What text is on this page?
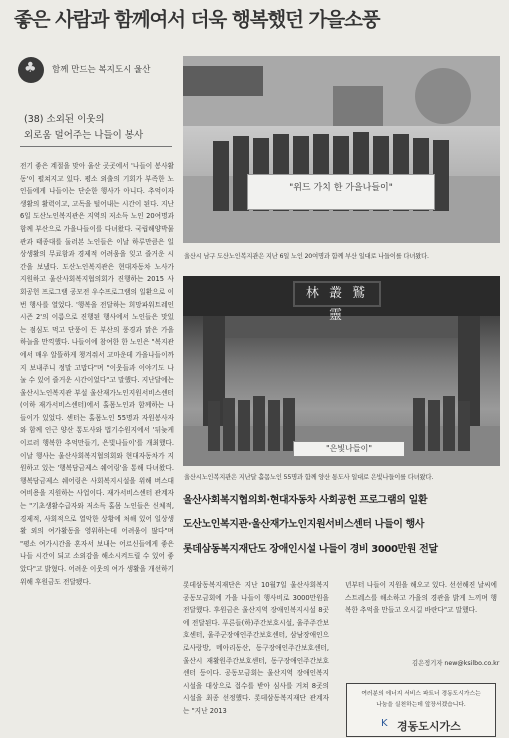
좋은 사람과 함께여서 더욱 행복했던 가을소풍
♣
함께 만드는 복지도시 울산
(38) 소외된 이웃의
외로움 덜어주는 나들이 봉사
전기 좋은 계절을 맞아 울산 곳곳에서 '나들이 봉사활동'이 펼쳐지고 있다. 평소 외출의 기회가 부족한 노인들에게 나들이는 단순한 행사가 아니다. 추억이자 생활의 활력이고, 고독을 털어내는 시간이 된다. 지난 6일 도산노인복지관은 지역의 저소득 노인 20여명과 함께 부산으로 가을나들이를 다녀왔다. 국립해양박물관과 태종대를 둘러본 노인들은 이날 하루만큼은 일상생활의 무료함과 경제적 어려움을 잊고 즐거운 시간을 보냈다. 도산노인복지관은 현대자동차 노사가 지원하고 울산사회복지협의회가 진행하는 2015 사회공헌 프로그램 공모전 우수프로그램의 일환으로 이번 행사를 열었다. '행복을 전달하는 희망파워트레인 시즌 2'의 이름으로 진행된 행사에서 노인들은 맛있는 점심도 먹고 단풍이 든 부산의 풍경과 맑은 가을 하늘을 만끽했다. 나들이에 참여한 한 노인은 "복지관에서 매우 알뜰하게 챙겨줘서 고마운데 가을나들이까지 보내주니 정말 고맙다"며 "이웃들과 이야기도 나눌 수 있어 즐거운 시간이었다"고 말했다. 지난달에는 울산시노인복지관 부설 울산재가노인지원서비스센터(이하 재가서비스센터)에서 홀몸노인과 함께하는 나들이가 있었다. 센터는 홀몸노인 55명과 자원봉사자와 함께 인근 양산 통도사와 법기수원지에서 '뒤늦게 이르러 행복한 추억만들기, 은빛나들이'를 개최했다. 이날 행사는 울산사회복지협의회와 현대자동차가 지원하고 있는 '행복담금제스 쉐어링'을 통해 다녀왔다. 행복담금제스 쉐어링은 사회복지시설을 위해 버스대여비용을 지원하는 사업이다. 재가서비스센터 관계자는 "기초생활수급자와 저소득 홀몸 노인들은 신체적, 경제적, 사회적으로 열악한 상황에 처해 있어 일상생활 외의 여가활동을 영위하는데 어려움이 많다"며 "평소 여가시간을 혼자서 보내는 어르신들에게 좋은 나들 시간이 되고 소외감을 해소시켜드릴 수 있어 좋았다"고 밝혔다. 어려운 이웃의 여가 생활을 개선하기 위해 후원금도 전달됐다.
"위드 가치 한 가을나들이"
울산시 남구 도산노인복지관은 지난 6일 노인 20여명과 함께 부산 일대로 나들이를 다녀왔다.
林 叢 鷲 靈
"은빛나들이"
울산시노인복지관은 지난달 홀몸노인 55명과 함께 양산 통도사 일대로 은빛나들이를 다녀왔다.
울산사회복지협의회·현대자동차 사회공헌 프로그램의 일환
도산노인복지관·울산재가노인지원서비스센터 나들이 행사
롯데삼동복지재단도 장애인시설 나들이 경비 3000만원 전달
롯데삼동복지재단은 지난 10월7일 울산사회복지공동모금회에 가을 나들이 행사비로 3000만원을 전달했다. 후원금은 울산지역 장애인복지시설 8곳에 전달된다. 푸른들(하)주간보호시설, 울주주간보호센터, 울주군장애인주간보호센터, 삼남장애인으로사랑방, 메아리동산, 동구장애인주간보호센터, 울산시 재활원주간보호센터, 동구장애인주간보호센터 등이다. 공동모금회는 울산지역 장애인복지시설을 대상으로 접수를 받아 심사를 거쳐 8곳의 시설을 최종 선정했다. 롯데삼동복지재단 관계자는 "지난 2013
년부터 나들이 지원을 해오고 있다. 선선해진 날씨에 스트레스를 해소하고 가을의 경관을 밝게 느끼며 행복한 추억을 만들고 오시길 바란다"고 말했다.
김은정기자 new@ksilbo.co.kr
여러분의 에너지 서비스 파트너 경동도시가스는
나눔을 실천하는데 앞장서겠습니다.
K 경동도시가스
